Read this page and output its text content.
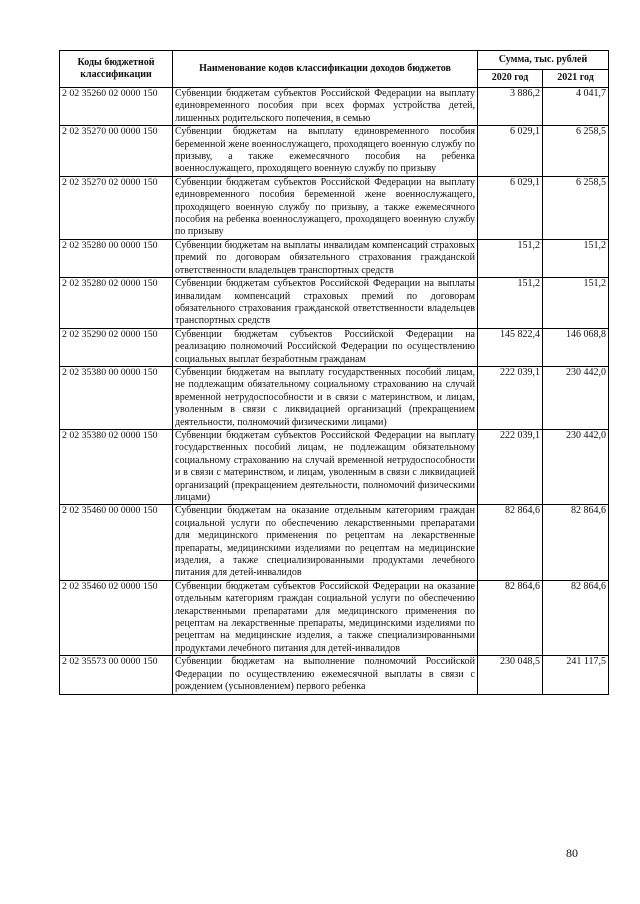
Коды бюджетной классификации	Наименование кодов классификации доходов бюджетов	Сумма, тыс. рублей	
		2020 год	2021 год
2 02 35260 02 0000 150	Субвенции бюджетам субъектов Российской Федерации на выплату единовременного пособия при всех формах устройства детей, лишенных родительского попечения, в семью	3 886,2	4 041,7
2 02 35270 00 0000 150	Субвенции бюджетам на выплату единовременного пособия беременной жене военнослужащего, проходящего военную службу по призыву, а также ежемесячного пособия на ребенка военнослужащего, проходящего военную службу по призыву	6 029,1	6 258,5
2 02 35270 02 0000 150	Субвенции бюджетам субъектов Российской Федерации на выплату единовременного пособия беременной жене военнослужащего, проходящего военную службу по призыву, а также ежемесячного пособия на ребенка военнослужащего, проходящего военную службу по призыву	6 029,1	6 258,5
2 02 35280 00 0000 150	Субвенции бюджетам на выплаты инвалидам компенсаций страховых премий по договорам обязательного страхования гражданской ответственности владельцев транспортных средств	151,2	151,2
2 02 35280 02 0000 150	Субвенции бюджетам субъектов Российской Федерации на выплаты инвалидам компенсаций страховых премий по договорам обязательного страхования гражданской ответственности владельцев транспортных средств	151,2	151,2
2 02 35290 02 0000 150	Субвенции бюджетам субъектов Российской Федерации на реализацию полномочий Российской Федерации по осуществлению социальных выплат безработным гражданам	145 822,4	146 068,8
2 02 35380 00 0000 150	Субвенции бюджетам на выплату государственных пособий лицам, не подлежащим обязательному социальному страхованию на случай временной нетрудоспособности и в связи с материнством, и лицам, уволенным в связи с ликвидацией организаций (прекращением деятельности, полномочий физическими лицами)	222 039,1	230 442,0
2 02 35380 02 0000 150	Субвенции бюджетам субъектов Российской Федерации на выплату государственных пособий лицам, не подлежащим обязательному социальному страхованию на случай временной нетрудоспособности и в связи с материнством, и лицам, уволенным в связи с ликвидацией организаций (прекращением деятельности, полномочий физическими лицами)	222 039,1	230 442,0
2 02 35460 00 0000 150	Субвенции бюджетам на оказание отдельным категориям граждан социальной услуги по обеспечению лекарственными препаратами для медицинского применения по рецептам на лекарственные препараты, медицинскими изделиями по рецептам на медицинские изделия, а также специализированными продуктами лечебного питания для детей-инвалидов	82 864,6	82 864,6
2 02 35460 02 0000 150	Субвенции бюджетам субъектов Российской Федерации на оказание отдельным категориям граждан социальной услуги по обеспечению лекарственными препаратами для медицинского применения по рецептам на лекарственные препараты, медицинскими изделиями по рецептам на медицинские изделия, а также специализированными продуктами лечебного питания для детей-инвалидов	82 864,6	82 864,6
2 02 35573 00 0000 150	Субвенции бюджетам на выполнение полномочий Российской Федерации по осуществлению ежемесячной выплаты в связи с рождением (усыновлением) первого ребенка	230 048,5	241 117,5
80
